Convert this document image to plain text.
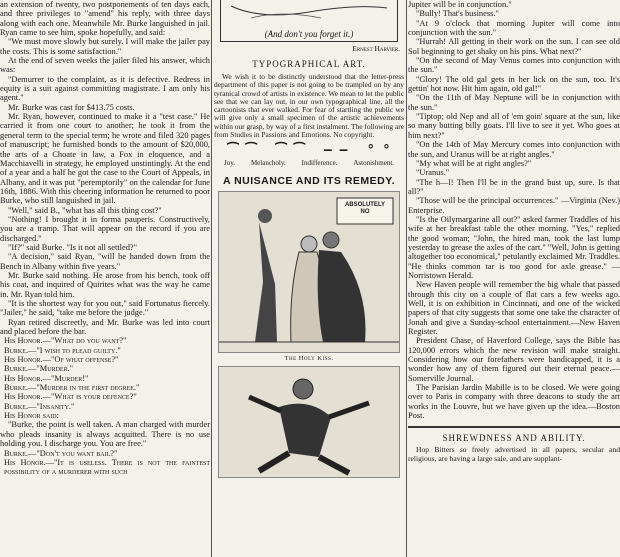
an extension of twenty, two postponements of ten days each, and three privileges to "amend" his reply, with three days along with each one. Meanwhile Mr. Burke languished in jail. Ryan came to see him, spoke hopefully, and said:

"We must move slowly but surely. I will make the jailer pay the costs. This is some satisfaction."

At the end of seven weeks the jailer filed his answer, which was:

"Demurrer to the complaint, as it is defective. Redress in equity is a suit against committing magistrate. I am only his agent."

Mr. Burke was cast for $413.75 costs.

Mr. Ryan, however, continued to make it a "test case." He carried it from one court to another; he took it from the general term to the special term; he wrote and filed 320 pages of manuscript; he furnished bonds to the amount of $20,000, the arts of a Choate in law, a Fox in eloquence, and a Macchiavelli in strategy, he employed unstintingly. At the end of a year and a half he got the case to the Court of Appeals, in Albany, and it was put "peremptorily" on the calendar for June 16th, 1886. With this cheering information he returned to poor Burke, who still languished in jail.

"Well," said B., "what has all this thing cost?"

"Nothing! I brought it in forma pauperis. Constructively, you are a tramp. That will appear on the record if you are discharged."

"If?" said Burke. "Is it not all settled?"

"A decision," said Ryan, "will be handed down from the Bench in Albany within five years."

Mr. Burke said nothing. He arose from his bench, took off his coat, and inquired of Quirites what was the way he came in. Mr. Ryan told him.

"It is the shortest way for you out," said Fortunatus fiercely. "Jailer," he said, "take me before the judge."

Ryan retired discreetly, and Mr. Burke was led into court and placed before the bar.

His Honor.—"What do you want?"

Burke.—"I wish to plead guilty."

His Honor.—"Of what offense?"

Burke.—"Murder."

His Honor.—"Murder!"

Burke.—"Murder in the first degree."

His Honor.—"What is your defence?"

Burke.—"Insanity."

His Honor said:

"Burke, the point is well taken. A man charged with murder who pleads insanity is always acquitted. There is no use holding you. I discharge you. You are free."

Burke.—"Don't you want bail?"

His Honor.—"It is useless. There is not the faintest possibility of a murderer with such

(And don't you forget it.)
Ernest Harvier.
TYPOGRAPHICAL ART.

We wish it to be distinctly understood that the letter-press department of this paper is not going to be trampled on by any tyranical crowd of artists in existence. We mean to let the public see that we can lay out, in our own typographical line, all the cartoonists that ever walked. For fear of startling the public we will give only a small specimen of the artistic achievements within our grasp, by way of a first instalment. The following are from Studies in Passions and Emotions. No copyright.

⁀ ⁀ ⁀ ⁀ — — ° °
Joy. Melancholy. Indifference. Astonishment.
A NUISANCE AND ITS REMEDY.
ABSOLUTELY NO
The Holy Kiss.

Jupiter will be in conjunction."

"Bully! That's business."

"At 9 o'clock that morning Jupiter will come into conjunction with the sun."

"Hurrah! All getting in their work on the sun. I can see old Sol beginning to get shaky on his pins. What next?"

"On the second of May Venus comes into conjunction with the sun."

"Glory! The old gal gets in her lick on the sun, too. It's gettin' hot now. Hit him again, old gal!"

"On the 11th of May Neptune will be in conjunction with the sun."

"Tiptop; old Nep and all of 'em goin' square at the sun, like so many butting billy goats. I'll live to see it yet. Who goes at him next?"

"On the 14th of May Mercury comes into conjunction with the sun, and Uranus will be at right angles."

"My what will be at right angles?"

"Uranus."

"The h—l! Then I'll be in the grand bust up, sure. Is that all?"

"Those will be the principal occurrences." —Virginia (Nev.) Enterprise.

"Is the Oilymargarine all out?" asked farmer Traddles of his wife at her breakfast table the other morning. "Yes," replied the good woman; "John, the hired man, took the last lump yesterday to grease the axles of the cart." "Well, John is getting altogether too economical," petulantly exclaimed Mr. Traddles. "He thinks common tar is too good for axle grease." —Norristown Herald.

New Haven people will remember the big whale that passed through this city on a couple of flat cars a few weeks ago. Well, it is on exhibition in Cincinnati, and one of the wicked papers of that city suggests that some one take the character of Jonah and give a Sunday-school entertainment.—New Haven Register.

President Chase, of Haverford College, says the Bible has 120,000 errors which the new revision will make straight. Considering how our forefathers were handicapped, it is a wonder how any of them figured out their eternal peace.—Somerville Journal.

The Parisian Jardin Mabille is to be closed. We were going over to Paris in company with three deacons to study the art works in the Louvre, but we have given up the idea.—Boston Post.

SHREWDNESS AND ABILITY.

Hop Bitters so freely advertised in all papers, secular and religious, are having a large sale, and are supplant-
